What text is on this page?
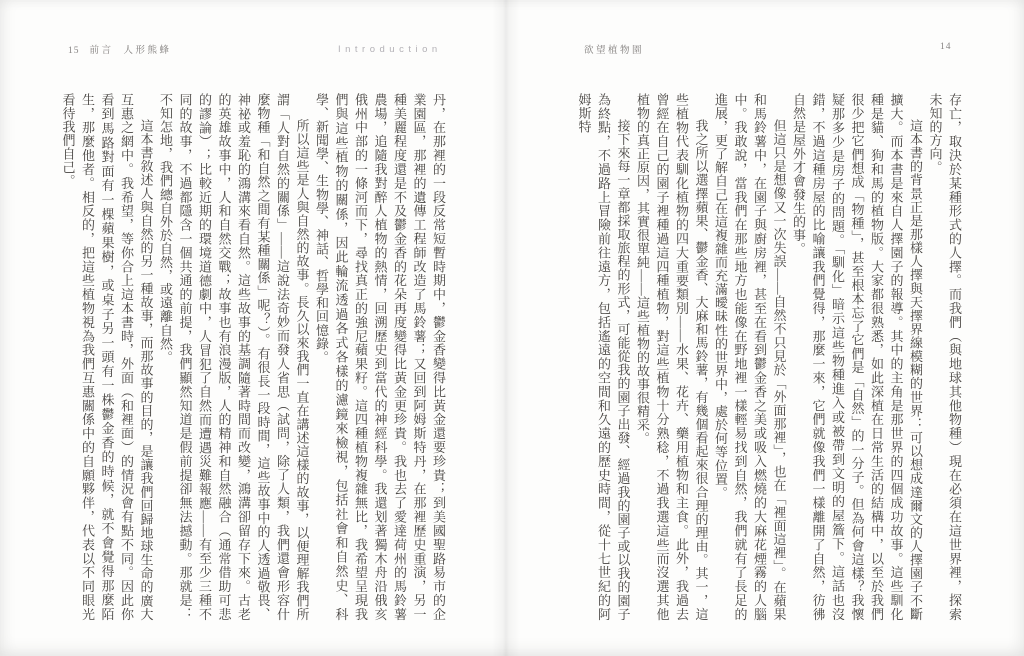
15 前言 人形熊蜂	Introduction

丹，在那裡的一段反常短暫時期中，鬱金香變得比黃金還要珍貴；到美國聖路易市的企業園區，那裡的遺傳工程師改造了馬鈴薯；又回到阿姆斯特丹，在那裡歷史重演，另一種美麗程度還是不及鬱金香的花朵再度變得比黃金更珍貴。我也去了愛達荷州的馬鈴薯農場，追隨我對醉人植物的熱情，回溯歷史到當代的神經科學。我還划著獨木舟沿俄亥俄州中部的一條河而下，尋找真正的強尼蘋果籽。這四種植物複雜無比，我希望呈現我們與這些植物的關係，因此輪流透過各式各樣的濾鏡來檢視，包括社會和自然史、科學、新聞學、生物學、神話、哲學和回憶錄。

所以這些是人與自然的故事。長久以來我們一直在講述這樣的故事，以便理解我們所謂「人對自然的關係」——這說法奇妙而發人省思（試問，除了人類，我們還會形容什麼物種「和自然之間有某種關係」呢？）。有很長一段時間，這些故事中的人透過敬畏、神祕或羞恥的鴻溝來看自然。這些故事的基調隨著時間而改變，鴻溝卻留存下來。古老的英雄故事中，人和自然交戰；故事也有浪漫版，人的精神和自然融合（通常借助可悲的謬論）；比較近期的環境道德劇中，人冒犯了自然而遭遇災難報應——有至少三種不同的故事，不過都隱含一個共通的前提，我們顯然知道是假前提卻無法撼動。那就是：不知怎地，我們總自外於自然，或遠離自然。

這本書敘述人與自然的另一種故事，而那故事的目的，是讓我們回歸地球生命的廣大互惠之網中。我希望，等你合上這本書時，外面（和裡面）的情況會有點不同。因此你看到馬路對面有一棵蘋果樹，或桌子另一頭有一株鬱金香的時候，就不會覺得那麼陌生，那麼他者。相反的，把這些植物視為我們互惠關係中的自願夥伴，代表以不同眼光看待我們自己。

欲望植物園	14

存亡，取決於某種形式的人擇。而我們（與地球其他物種）現在必須在這世界裡，探索未知的方向。

這本書的背景正是那樣人擇與天擇界線模糊的世界：可以想成達爾文的人擇園子不斷擴大。而本書是來自人擇園子的報導。其中的主角是那世界的四個成功故事。這些馴化種是貓、狗和馬的植物版。大家都很熟悉，如此深植在日常生活的結構中，以至於我們很少把它們想成「物種」，甚至根本忘了它們是「自然」的一分子。但為何會這樣？我懷疑那多少是房子的問題。「馴化」暗示這些物種進入或被帶到文明的屋簷下。這話也沒錯，不過這種房屋的比喻讓我們覺得，那麼一來，它們就像我們一樣離開了自然，彷彿自然是屋外才會發生的事。

但這只是想像又一次失誤——自然不只見於「外面那裡」，也在「裡面這裡」。在蘋果和馬鈴薯中，在園子與廚房裡，甚至在看到鬱金香之美或吸入燃燒的大麻花煙霧的人腦中。我敢說，當我們在那些地方也能像在野地裡一樣輕易找到自然，我們就有了長足的進展，更了解自己在這複雜而充滿曖昧性的世界中，處於何等位置。

我之所以選擇蘋果、鬱金香、大麻和馬鈴薯，有幾個看起來很合理的理由。其一，這些植物代表馴化植物的四大重要類別——水果、花卉、藥用植物和主食。此外，我過去曾經在自己的園子裡種過這四種植物，對這些植物十分熟稔，不過我選這些而沒選其他植物的真正原因，其實很單純——這些植物的故事很精采。

接下來每一章都採取旅程的形式，可能從我的園子出發、經過我的園子或以我的園子為終點，不過路上冒險前往遠方，包括遙遠的空間和久遠的歷史時間，從十七世紀的阿姆斯特
